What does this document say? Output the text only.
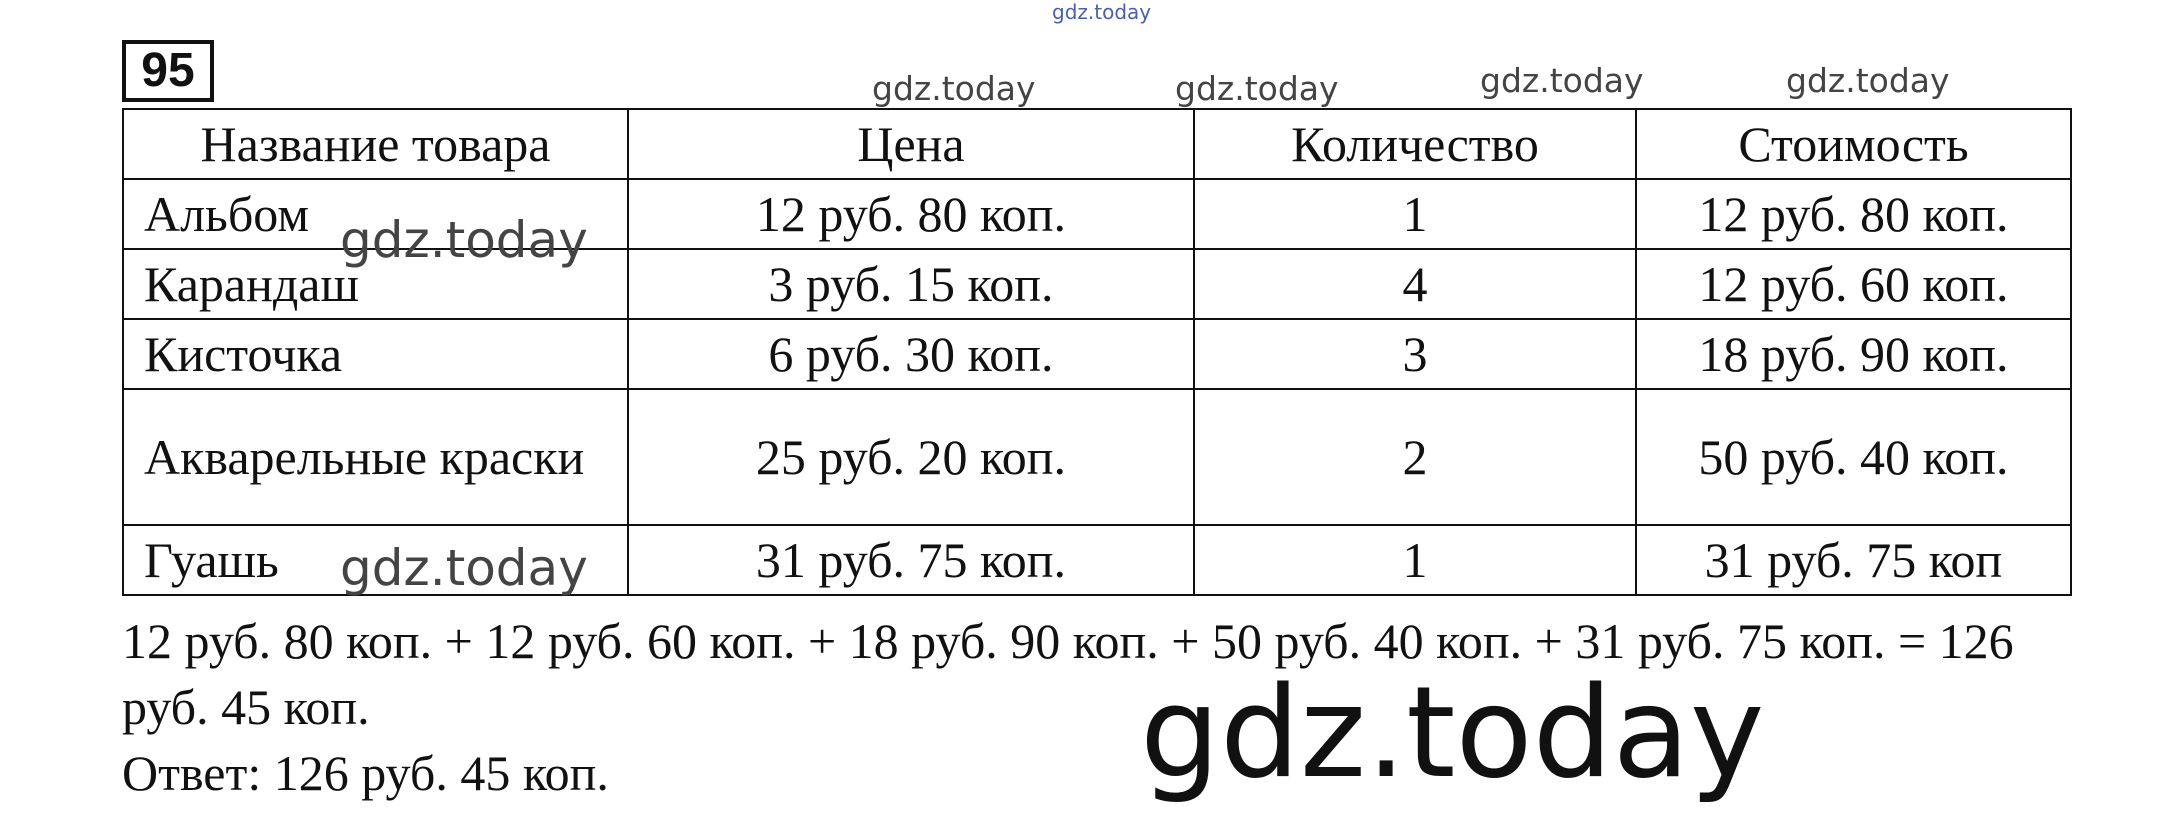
gdz.today
gdz.today	gdz.today	gdz.today	gdz.today
95
Название товара	Цена	Количество	Стоимость
Альбом	12 руб. 80 коп.	1	12 руб. 80 коп.
Карандаш	3 руб. 15 коп.	4	12 руб. 60 коп.
Кисточка	6 руб. 30 коп.	3	18 руб. 90 коп.
Акварельные краски	25 руб. 20 коп.	2	50 руб. 40 коп.
Гуашь	31 руб. 75 коп.	1	31 руб. 75 коп
gdz.today
gdz.today
12 руб. 80 коп. + 12 руб. 60 коп. + 18 руб. 90 коп. + 50 руб. 40 коп. + 31 руб. 75 коп. = 126 руб. 45 коп.
Ответ: 126 руб. 45 коп.	gdz.today
